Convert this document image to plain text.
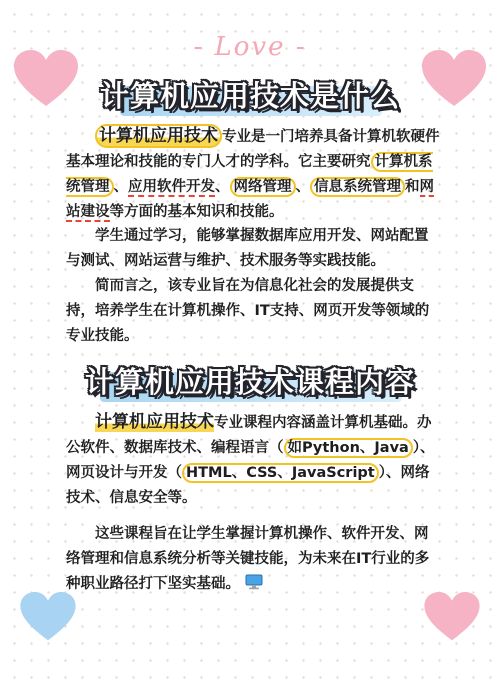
- Love -
计算机应用技术是什么

计算机应用技术 专业是一门培养具备计算机软硬件基本理论和技能的专门人才的学科。它主要研究 计算机系统管理 、应用软件开发、 网络管理 、 信息系统管理 和网站建设等方面的基本知识和技能。

学生通过学习，能够掌握数据库应用开发、网站配置与测试、网站运营与维护、技术服务等实践技能。

简而言之，该专业旨在为信息化社会的发展提供支持，培养学生在计算机操作、IT支持、网页开发等领域的专业技能。

计算机应用技术课程内容

计算机应用技术专业课程内容涵盖计算机基础。办公软件、数据库技术、编程语言（ 如Python、Java ）、网页设计与开发（ HTML、CSS、JavaScript ）、网络技术、信息安全等。

这些课程旨在让学生掌握计算机操作、软件开发、网络管理和信息系统分析等关键技能，为未来在IT行业的多种职业路径打下坚实基础。
